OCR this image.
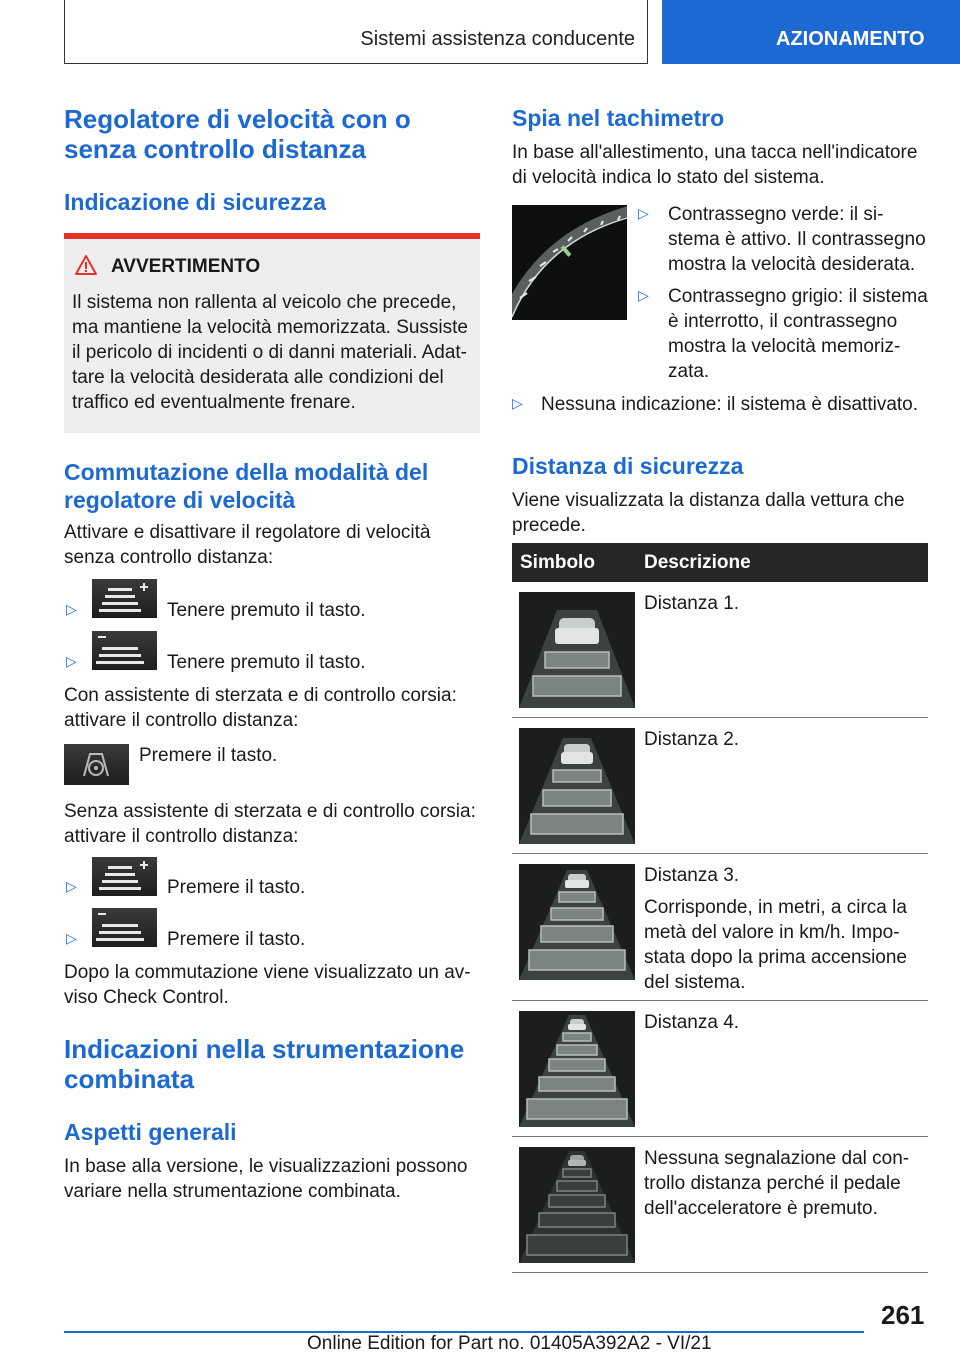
Sistemi assistenza conducente	AZIONAMENTO
Regolatore di velocità con o senza controllo distanza
Indicazione di sicurezza
AVVERTIMENTO
Il sistema non rallenta al veicolo che precede,
ma mantiene la velocità memorizzata. Sussiste
il pericolo di incidenti o di danni materiali. Adat-
tare la velocità desiderata alle condizioni del
traffico ed eventualmente frenare.
Commutazione della modalità del
regolatore di velocità
Attivare e disattivare il regolatore di velocità
senza controllo distanza:
▷	Tenere premuto il tasto.
▷	Tenere premuto il tasto.
Con assistente di sterzata e di controllo corsia:
attivare il controllo distanza:
Premere il tasto.
Senza assistente di sterzata e di controllo corsia:
attivare il controllo distanza:
▷	Premere il tasto.
▷	Premere il tasto.
Dopo la commutazione viene visualizzato un av-
viso Check Control.
Indicazioni nella strumentazione
combinata
Aspetti generali
In base alla versione, le visualizzazioni possono
variare nella strumentazione combinata.
Spia nel tachimetro
In base all'allestimento, una tacca nell'indicatore
di velocità indica lo stato del sistema.
▷ Contrassegno verde: il si-
stema è attivo. Il contrassegno
mostra la velocità desiderata.
▷ Contrassegno grigio: il sistema
è interrotto, il contrassegno
mostra la velocità memoriz-
zata.
▷ Nessuna indicazione: il sistema è disattivato.
Distanza di sicurezza
Viene visualizzata la distanza dalla vettura che
precede.
Simbolo	Descrizione
Distanza 1.
Distanza 2.
Distanza 3.
Corrisponde, in metri, a circa la
metà del valore in km/h. Impo-
stata dopo la prima accensione
del sistema.
Distanza 4.
Nessuna segnalazione dal con-
trollo distanza perché il pedale
dell'acceleratore è premuto.
261
Online Edition for Part no. 01405A392A2 - VI/21
